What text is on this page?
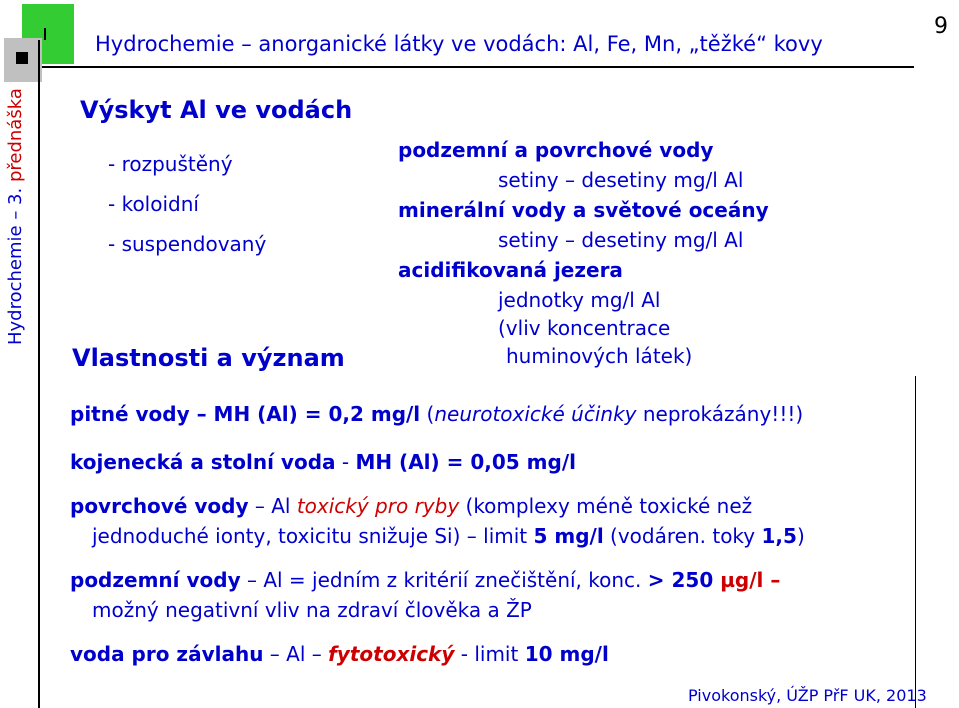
Hydrochemie – anorganické látky ve vodách: Al, Fe, Mn, „těžké“ kovy
9
Hydrochemie – 3. přednáška Výskyt Al ve vodách
- rozpuštěný
- koloidní
- suspendovaný
podzemní a povrchové vody
setiny – desetiny mg/l Al
minerální vody a světové oceány
setiny – desetiny mg/l Al
acidifikovaná jezera
jednotky mg/l Al
(vliv koncentrace
huminových látek)
Vlastnosti a význam
pitné vody – MH (Al) = 0,2 mg/l (neurotoxické účinky neprokázány!!!)
kojenecká a stolní voda - MH (Al) = 0,05 mg/l
povrchové vody – Al toxický pro ryby (komplexy méně toxické než
jednoduché ionty, toxicitu snižuje Si) – limit 5 mg/l (vodáren. toky 1,5)
podzemní vody – Al = jedním z kritérií znečištění, konc. > 250 µg/l –
možný negativní vliv na zdraví člověka a ŽP
voda pro závlahu – Al – fytotoxický - limit 10 mg/l
Pivokonský, ÚŽP PřF UK, 2013
